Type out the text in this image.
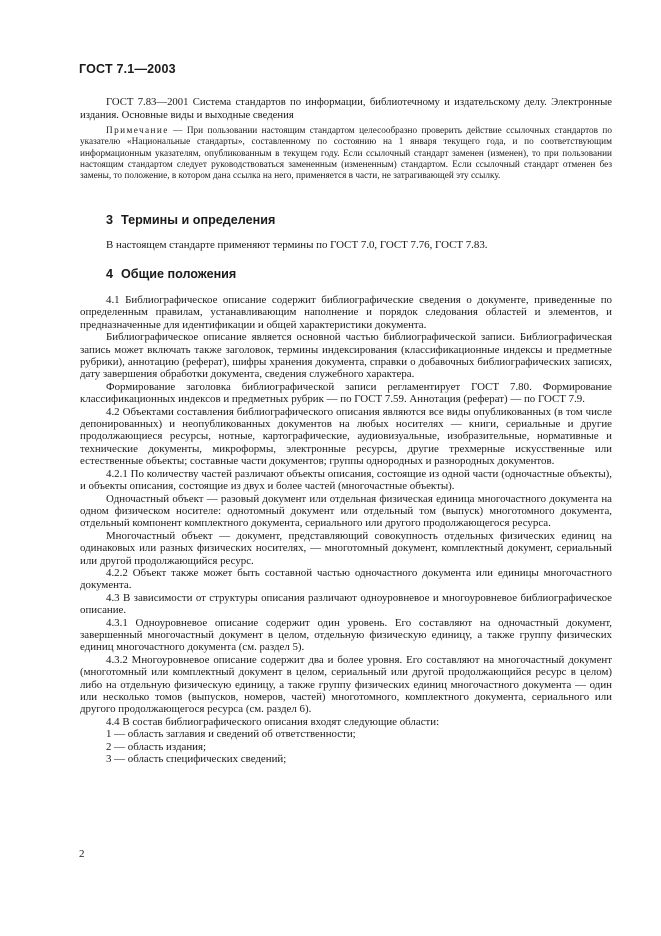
ГОСТ 7.1—2003

ГОСТ 7.83—2001 Система стандартов по информации, библиотечному и издательскому делу. Электронные издания. Основные виды и выходные сведения

Примечание — При пользовании настоящим стандартом целесообразно проверить действие ссылочных стандартов по указателю «Национальные стандарты», составленному по состоянию на 1 января текущего года, и по соответствующим информационным указателям, опубликованным в текущем году. Если ссылочный стандарт заменен (изменен), то при пользовании настоящим стандартом следует руководствоваться замененным (измененным) стандартом. Если ссылочный стандарт отменен без замены, то положение, в котором дана ссылка на него, применяется в части, не затрагивающей эту ссылку.

3 Термины и определения

В настоящем стандарте применяют термины по ГОСТ 7.0, ГОСТ 7.76, ГОСТ 7.83.

4 Общие положения

4.1 Библиографическое описание содержит библиографические сведения о документе, приведенные по определенным правилам, устанавливающим наполнение и порядок следования областей и элементов, и предназначенные для идентификации и общей характеристики документа.

Библиографическое описание является основной частью библиографической записи. Библиографическая запись может включать также заголовок, термины индексирования (классификационные индексы и предметные рубрики), аннотацию (реферат), шифры хранения документа, справки о добавочных библиографических записях, дату завершения обработки документа, сведения служебного характера.

Формирование заголовка библиографической записи регламентирует ГОСТ 7.80. Формирование классификационных индексов и предметных рубрик — по ГОСТ 7.59. Аннотация (реферат) — по ГОСТ 7.9.

4.2 Объектами составления библиографического описания являются все виды опубликованных (в том числе депонированных) и неопубликованных документов на любых носителях — книги, сериальные и другие продолжающиеся ресурсы, нотные, картографические, аудиовизуальные, изобразительные, нормативные и технические документы, микроформы, электронные ресурсы, другие трехмерные искусственные или естественные объекты; составные части документов; группы однородных и разнородных документов.

4.2.1 По количеству частей различают объекты описания, состоящие из одной части (одночастные объекты), и объекты описания, состоящие из двух и более частей (многочастные объекты).

Одночастный объект — разовый документ или отдельная физическая единица многочастного документа на одном физическом носителе: однотомный документ или отдельный том (выпуск) многотомного документа, отдельный компонент комплектного документа, сериального или другого продолжающегося ресурса.

Многочастный объект — документ, представляющий совокупность отдельных физических единиц на одинаковых или разных физических носителях, — многотомный документ, комплектный документ, сериальный или другой продолжающийся ресурс.

4.2.2 Объект также может быть составной частью одночастного документа или единицы многочастного документа.

4.3 В зависимости от структуры описания различают одноуровневое и многоуровневое библиографическое описание.

4.3.1 Одноуровневое описание содержит один уровень. Его составляют на одночастный документ, завершенный многочастный документ в целом, отдельную физическую единицу, а также группу физических единиц многочастного документа (см. раздел 5).

4.3.2 Многоуровневое описание содержит два и более уровня. Его составляют на многочастный документ (многотомный или комплектный документ в целом, сериальный или другой продолжающийся ресурс в целом) либо на отдельную физическую единицу, а также группу физических единиц многочастного документа — один или несколько томов (выпусков, номеров, частей) многотомного, комплектного документа, сериального или другого продолжающегося ресурса (см. раздел 6).

4.4 В состав библиографического описания входят следующие области:

1 — область заглавия и сведений об ответственности;

2 — область издания;

3 — область специфических сведений;

2
